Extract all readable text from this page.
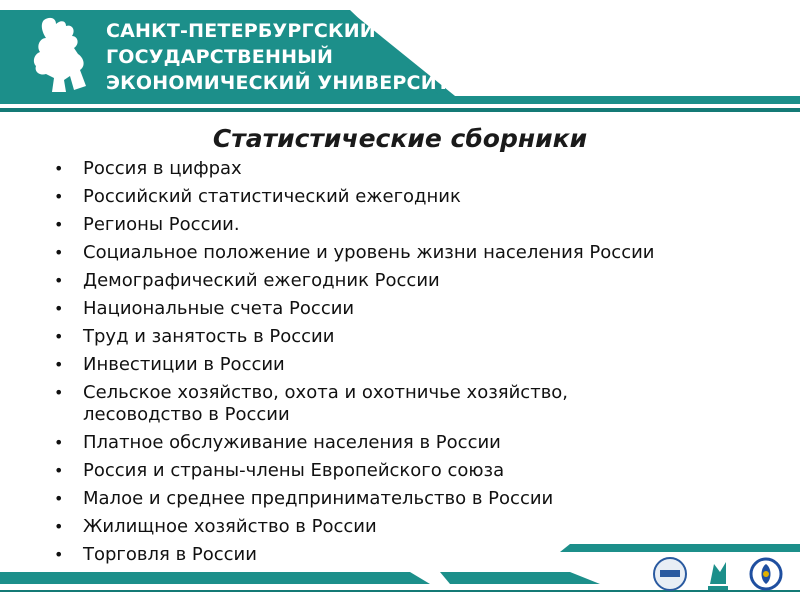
САНКТ-ПЕТЕРБУРГСКИЙ
ГОСУДАРСТВЕННЫЙ
ЭКОНОМИЧЕСКИЙ УНИВЕРСИТЕТ
Статистические сборники
• Россия в цифрах
• Российский статистический ежегодник
• Регионы России.
• Социальное положение и уровень жизни населения России
• Демографический ежегодник России
• Национальные счета России
• Труд и занятость в России
• Инвестиции в России
• Сельское хозяйство, охота и охотничье хозяйство, лесоводство в России
• Платное обслуживание населения в России
• Россия и страны-члены Европейского союза
• Малое и среднее предпринимательство в России
• Жилищное хозяйство в России
• Торговля в России
